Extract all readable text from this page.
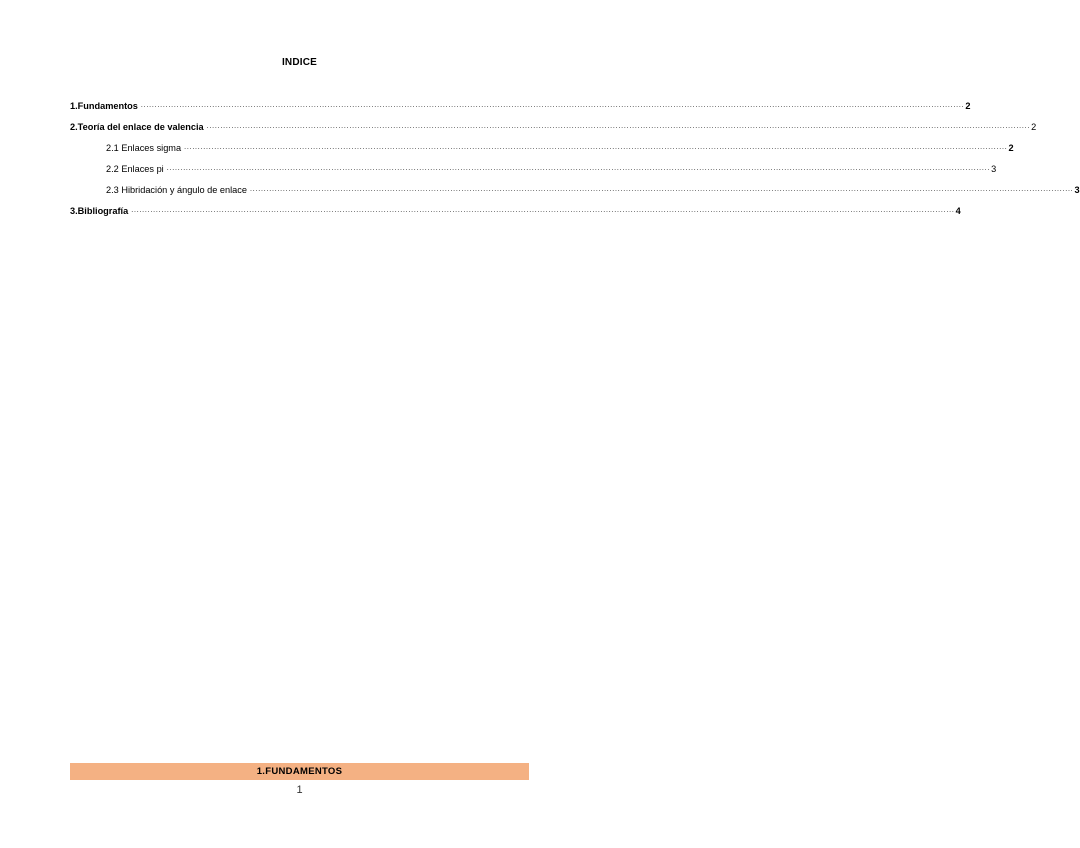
INDICE
1.Fundamentos ............................................................................................................................................................................................................................................................................................................ 2
2.Teoría del enlace de valencia ............................................................................................................................................................................................................................................................................................................ 2
2.1 Enlaces sigma ............................................................................................................................................................................................................................................................................................................ 2
2.2 Enlaces pi ............................................................................................................................................................................................................................................................................................................ 3
2.3 Hibridación y ángulo de enlace ............................................................................................................................................................................................................................................................................................................ 3
3.Bibliografía ............................................................................................................................................................................................................................................................................................................ 4
1.FUNDAMENTOS
1
